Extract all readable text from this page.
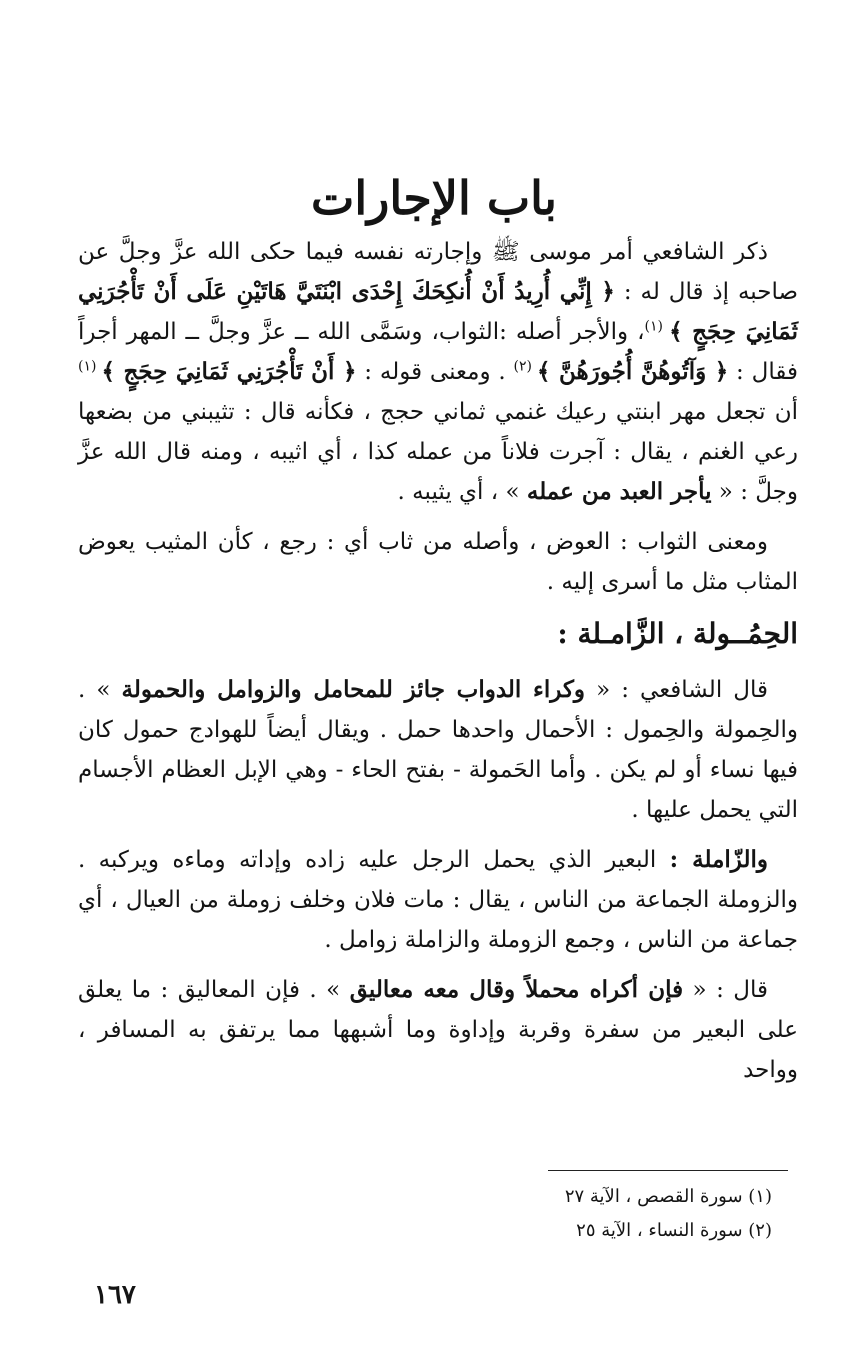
باب الإجارات

ذكر الشافعي أمر موسى ﷺ وإجارته نفسه فيما حكى الله عزَّ وجلَّ عن صاحبه إذ قال له : ﴿ إِنِّي أُرِيدُ أَنْ أُنكِحَكَ إِحْدَى ابْنَتَيَّ هَاتَيْنِ عَلَى أَنْ تَأْجُرَنِي ثَمَانِيَ حِجَجٍ ﴾ $^{(١)}$، والأجر أصله :الثواب، وسَمَّى الله ــ عزَّ وجلَّ ــ المهر أجراً فقال : ﴿ وَآتُوهُنَّ أُجُورَهُنَّ ﴾ $^{(٢)}$ . ومعنى قوله : ﴿ أَنْ تَأْجُرَنِي ثَمَانِيَ حِجَجٍ ﴾ $^{(١)}$ أن تجعل مهر ابنتي رعيك غنمي ثماني حجج ، فكأنه قال : تثيبني من بضعها رعي الغنم ، يقال : آجرت فلاناً من عمله كذا ، أي اثيبه ، ومنه قال الله عزَّ وجلَّ : « يأجر العبد من عمله » ، أي يثيبه .

ومعنى الثواب : العوض ، وأصله من ثاب أي : رجع ، كأن المثيب يعوض المثاب مثل ما أسرى إليه .

الحِمُــولة ، الزَّامـلة :

قال الشافعي : « وكراء الدواب جائز للمحامل والزوامل والحمولة » . والحِمولة والحِمول : الأحمال واحدها حمل . ويقال أيضاً للهوادج حمول كان فيها نساء أو لم يكن . وأما الحَمولة - بفتح الحاء - وهي الإبل العظام الأجسام التي يحمل عليها .

والزّاملة : البعير الذي يحمل الرجل عليه زاده وإداته وماءه ويركبه . والزوملة الجماعة من الناس ، يقال : مات فلان وخلف زوملة من العيال ، أي جماعة من الناس ، وجمع الزوملة والزاملة زوامل .

قال : « فإن أكراه محملاً وقال معه معاليق » . فإن المعاليق : ما يعلق على البعير من سفرة وقربة وإداوة وما أشبهها مما يرتفق به المسافر ، وواحد

(١) سورة القصص ، الآية ٢٧
(٢) سورة النساء ، الآية ٢٥
١٦٧
